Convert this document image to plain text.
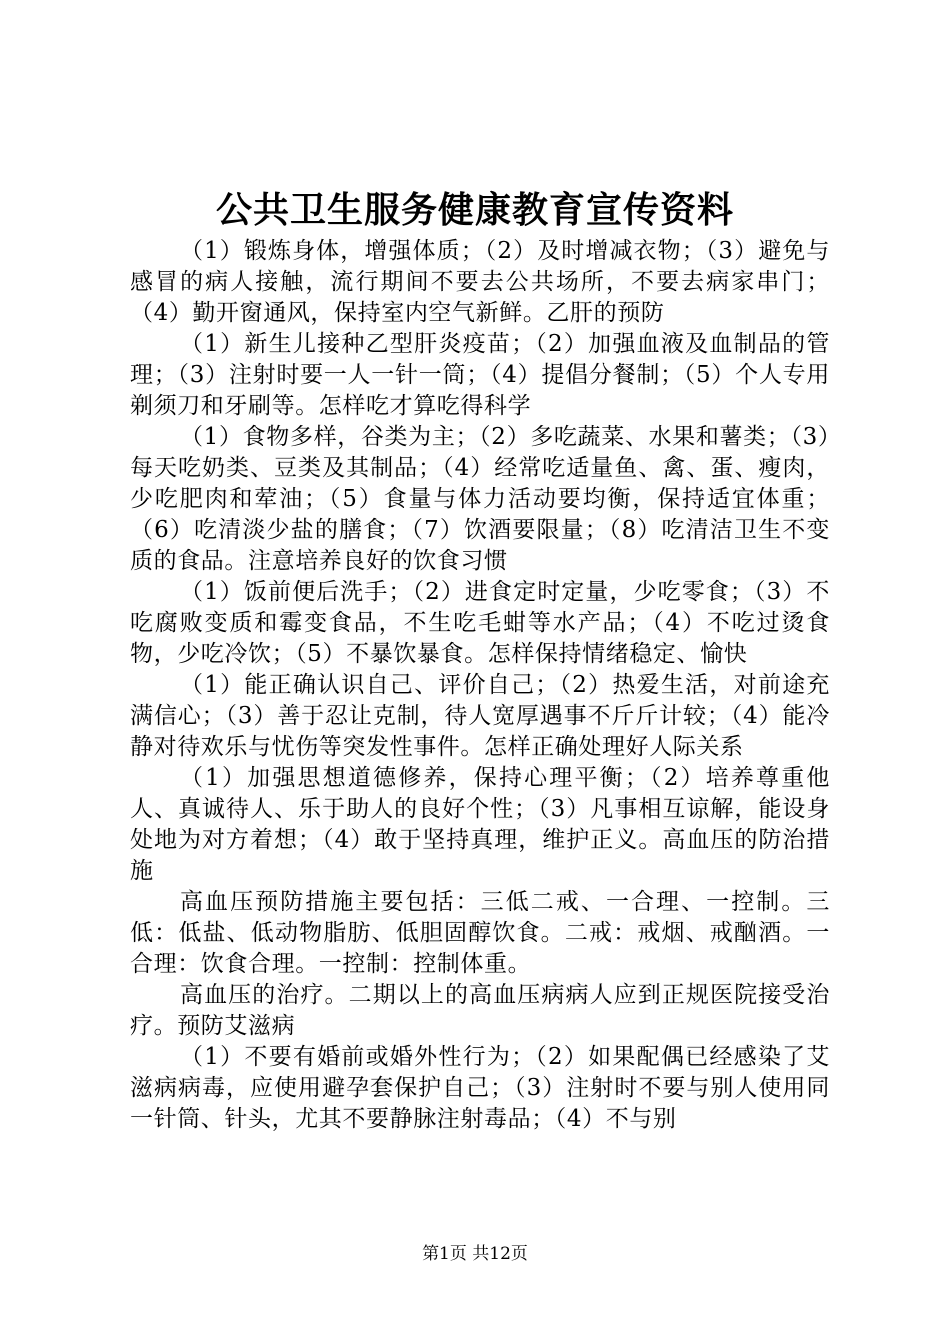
公共卫生服务健康教育宣传资料

（1）锻炼身体，增强体质；（2）及时增减衣物；（3）避免与感冒的病人接触，流行期间不要去公共场所，不要去病家串门；（4）勤开窗通风，保持室内空气新鲜。乙肝的预防

（1）新生儿接种乙型肝炎疫苗；（2）加强血液及血制品的管理；（3）注射时要一人一针一筒；（4）提倡分餐制；（5）个人专用剃须刀和牙刷等。怎样吃才算吃得科学

（1）食物多样，谷类为主；（2）多吃蔬菜、水果和薯类；（3）每天吃奶类、豆类及其制品；（4）经常吃适量鱼、禽、蛋、瘦肉，少吃肥肉和荤油；（5）食量与体力活动要均衡，保持适宜体重；（6）吃清淡少盐的膳食；（7）饮酒要限量；（8）吃清洁卫生不变质的食品。注意培养良好的饮食习惯

（1）饭前便后洗手；（2）进食定时定量，少吃零食；（3）不吃腐败变质和霉变食品，不生吃毛蚶等水产品；（4）不吃过烫食物，少吃冷饮；（5）不暴饮暴食。怎样保持情绪稳定、愉快

（1）能正确认识自己、评价自己；（2）热爱生活，对前途充满信心；（3）善于忍让克制，待人宽厚遇事不斤斤计较；（4）能冷静对待欢乐与忧伤等突发性事件。怎样正确处理好人际关系

（1）加强思想道德修养，保持心理平衡；（2）培养尊重他人、真诚待人、乐于助人的良好个性；（3）凡事相互谅解，能设身处地为对方着想；（4）敢于坚持真理，维护正义。高血压的防治措施

高血压预防措施主要包括：三低二戒、一合理、一控制。三低：低盐、低动物脂肪、低胆固醇饮食。二戒：戒烟、戒酗酒。一合理：饮食合理。一控制：控制体重。

高血压的治疗。二期以上的高血压病病人应到正规医院接受治疗。预防艾滋病

（1）不要有婚前或婚外性行为；（2）如果配偶已经感染了艾滋病病毒，应使用避孕套保护自己；（3）注射时不要与别人使用同一针筒、针头，尤其不要静脉注射毒品；（4）不与别

第1页 共12页
